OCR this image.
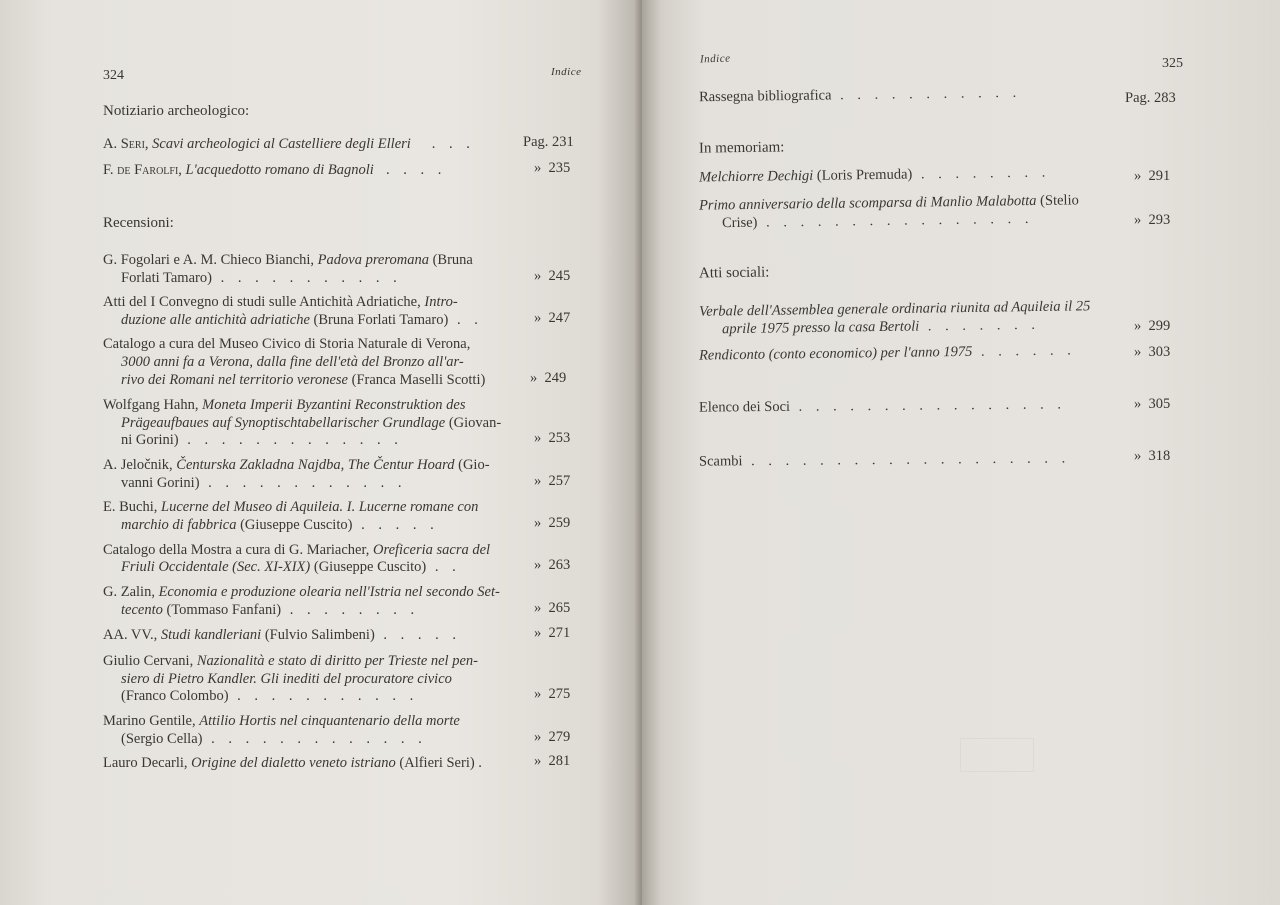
324	Indice
Notiziario archeologico:
A. Seri, Scavi archeologici al Castelliere degli Elleri   . . .	Pag. 231
F. de Farolfi, L'acquedotto romano di Bagnoli  . . . .	» 235
Recensioni:
G. Fogolari e A. M. Chieco Bianchi, Padova preromana (Bruna
Forlati Tamaro) . . . . . . . . . . .	» 245
Atti del I Convegno di studi sulle Antichità Adriatiche, Intro-
duzione alle antichità adriatiche (Bruna Forlati Tamaro) . .	» 247
Catalogo a cura del Museo Civico di Storia Naturale di Verona,
3000 anni fa a Verona, dalla fine dell'età del Bronzo all'ar-
rivo dei Romani nel territorio veronese (Franca Maselli Scotti)	» 249
Wolfgang Hahn, Moneta Imperii Byzantini Reconstruktion des
Prägeaufbaues auf Synoptischtabellarischer Grundlage (Giovan-
ni Gorini) . . . . . . . . . . . . .	» 253
A. Jeločnik, Čenturska Zakladna Najdba, The Čentur Hoard (Gio-
vanni Gorini) . . . . . . . . . . . .	» 257
E. Buchi, Lucerne del Museo di Aquileia. I. Lucerne romane con
marchio di fabbrica (Giuseppe Cuscito) . . . . .	» 259
Catalogo della Mostra a cura di G. Mariacher, Oreficeria sacra del
Friuli Occidentale (Sec. XI-XIX) (Giuseppe Cuscito) . .	» 263
G. Zalin, Economia e produzione olearia nell'Istria nel secondo Set-
tecento (Tommaso Fanfani) . . . . . . . .	» 265
AA. VV., Studi kandleriani (Fulvio Salimbeni) . . . . .	» 271
Giulio Cervani, Nazionalità e stato di diritto per Trieste nel pen-
siero di Pietro Kandler. Gli inediti del procuratore civico
(Franco Colombo) . . . . . . . . . . .	» 275
Marino Gentile, Attilio Hortis nel cinquantenario della morte
(Sergio Cella) . . . . . . . . . . . . .	» 279
Lauro Decarli, Origine del dialetto veneto istriano (Alfieri Seri) .	» 281
Indice	325
Rassegna bibliografica . . . . . . . . . . .	Pag. 283
In memoriam:
Melchiorre Dechigi (Loris Premuda) . . . . . . . .	» 291
Primo anniversario della scomparsa di Manlio Malabotta (Stelio
Crise) . . . . . . . . . . . . . . . .	» 293
Atti sociali:
Verbale dell'Assemblea generale ordinaria riunita ad Aquileia il 25
aprile 1975 presso la casa Bertoli . . . . . . .	» 299
Rendiconto (conto economico) per l'anno 1975 . . . . . .	» 303
Elenco dei Soci . . . . . . . . . . . . . . . .	» 305
Scambi . . . . . . . . . . . . . . . . . . .	» 318
